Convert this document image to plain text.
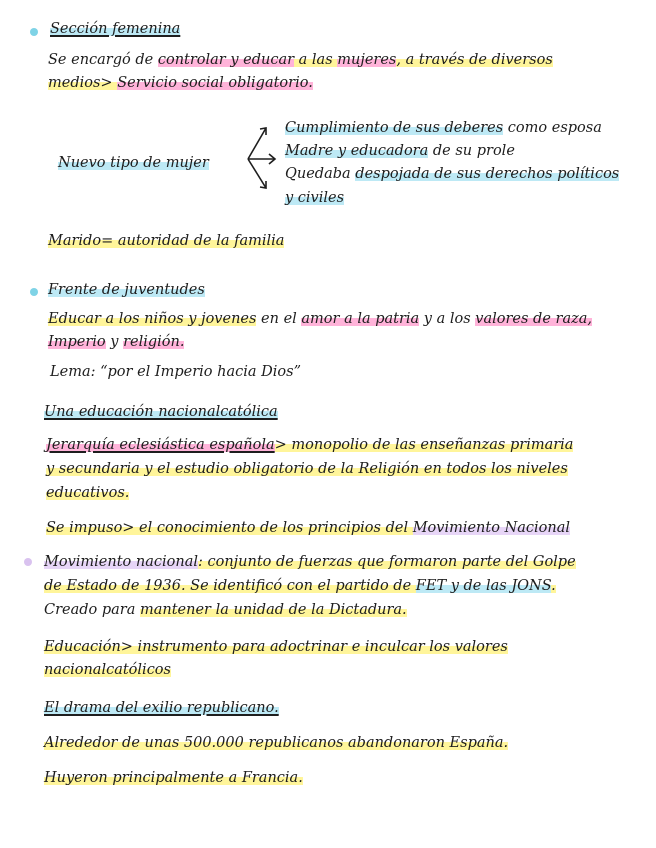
Sección femenina
Se encargó de controlar y educar a las mujeres, a través de diversos
medios> Servicio social obligatorio.
Nuevo tipo de mujer
Cumplimiento de sus deberes como esposa
Madre y educadora de su prole
Quedaba despojada de sus derechos políticos
y civiles
Marido= autoridad de la familia
Frente de juventudes
Educar a los niños y jovenes en el amor a la patria y a los valores de raza,
Imperio y religión.
Lema: “por el Imperio hacia Dios”
Una educación nacionalcatólica
Jerarquía eclesiástica española> monopolio de las enseñanzas primaria
y secundaria y el estudio obligatorio de la Religión en todos los niveles
educativos.
Se impuso> el conocimiento de los principios del Movimiento Nacional
Movimiento nacional: conjunto de fuerzas que formaron parte del Golpe
de Estado de 1936. Se identificó con el partido de FET y de las JONS.
Creado para mantener la unidad de la Dictadura.
Educación> instrumento para adoctrinar e inculcar los valores
nacionalcatólicos
El drama del exilio republicano.
Alrededor de unas 500.000 republicanos abandonaron España.
Huyeron principalmente a Francia.
